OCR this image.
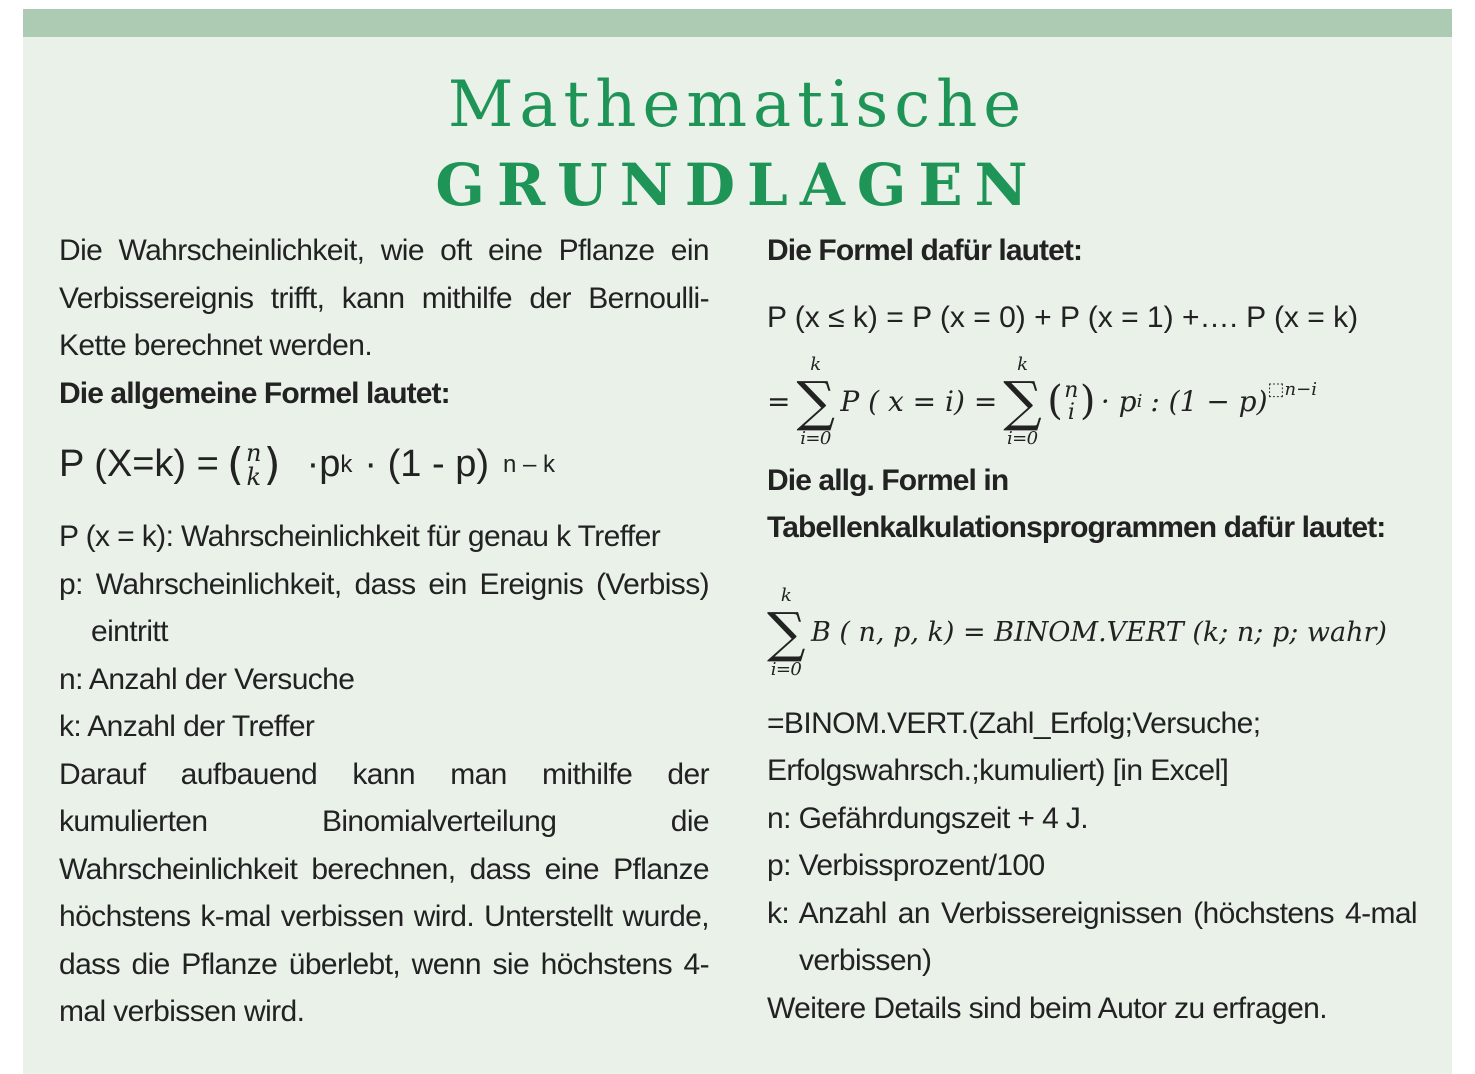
Mathematische
GRUNDLAGEN

Die Wahrscheinlichkeit, wie oft eine Pflanze ein Verbissereignis trifft, kann mithilfe der Bernoulli-Kette berechnet werden.

Die allgemeine Formel lautet:

P (X=k) = ( n
k ) ·p k · (1 - p) n – k

P (x = k): Wahrscheinlichkeit für genau k Treffer

p: Wahrscheinlichkeit, dass ein Ereignis (Verbiss) eintritt

n: Anzahl der Versuche

k: Anzahl der Treffer

Darauf aufbauend kann man mithilfe der kumulierten Binomialverteilung die Wahrscheinlichkeit berechnen, dass eine Pflanze höchstens k-mal verbissen wird. Unterstellt wurde, dass die Pflanze überlebt, wenn sie höchstens 4-mal verbissen wird.

Die Formel dafür lautet:

P (x ≤ k) = P (x = 0) + P (x = 1) +…. P (x = k)
=
k
∑
i=0
P ( x = i) =
k
∑
i=0
( n
i ) · p i : (1 − p) ⬚n−i

Die allg. Formel in Tabellenkalkulationsprogrammen dafür lautet:

k
∑
i=0
B ( n, p, k) = BINOM.VERT (k; n; p; wahr)

=BINOM.VERT.(Zahl_Erfolg;Versuche; Erfolgswahrsch.;kumuliert) [in Excel]

n: Gefährdungszeit + 4 J.

p: Verbissprozent/100

k: Anzahl an Verbissereignissen (höchstens 4-mal verbissen)

Weitere Details sind beim Autor zu erfragen.
